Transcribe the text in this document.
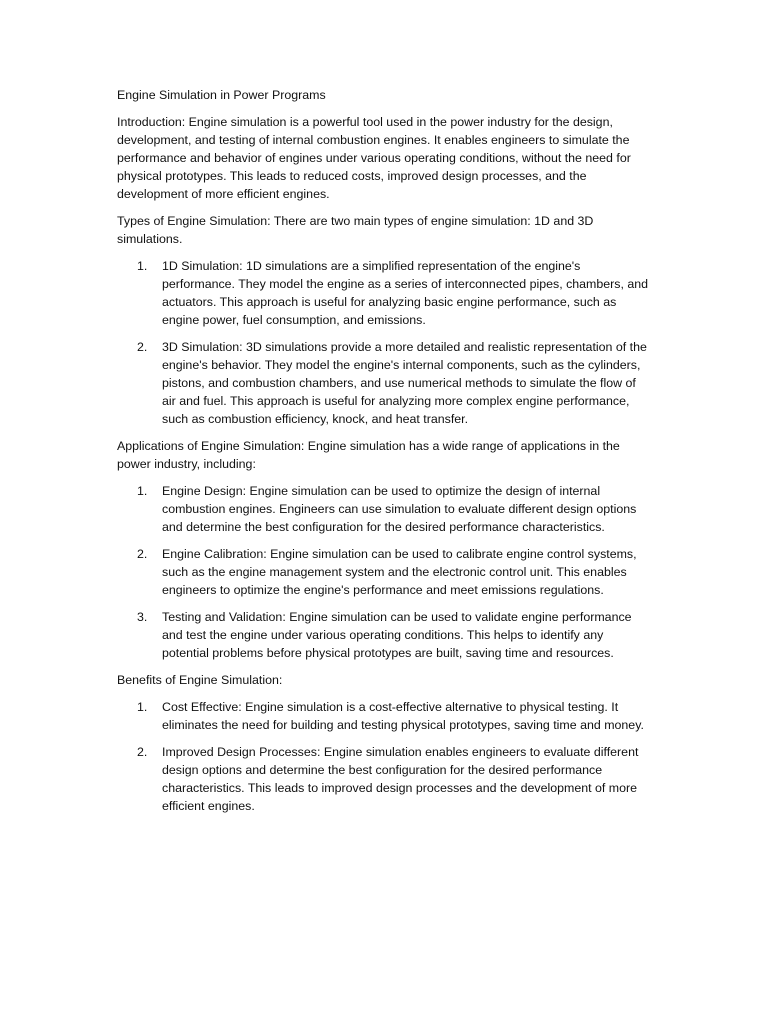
Engine Simulation in Power Programs

Introduction: Engine simulation is a powerful tool used in the power industry for the design, development, and testing of internal combustion engines. It enables engineers to simulate the performance and behavior of engines under various operating conditions, without the need for physical prototypes. This leads to reduced costs, improved design processes, and the development of more efficient engines.

Types of Engine Simulation: There are two main types of engine simulation: 1D and 3D simulations.

1. 1D Simulation: 1D simulations are a simplified representation of the engine's performance. They model the engine as a series of interconnected pipes, chambers, and actuators. This approach is useful for analyzing basic engine performance, such as engine power, fuel consumption, and emissions.
2. 3D Simulation: 3D simulations provide a more detailed and realistic representation of the engine's behavior. They model the engine's internal components, such as the cylinders, pistons, and combustion chambers, and use numerical methods to simulate the flow of air and fuel. This approach is useful for analyzing more complex engine performance, such as combustion efficiency, knock, and heat transfer.

Applications of Engine Simulation: Engine simulation has a wide range of applications in the power industry, including:

1. Engine Design: Engine simulation can be used to optimize the design of internal combustion engines. Engineers can use simulation to evaluate different design options and determine the best configuration for the desired performance characteristics.
2. Engine Calibration: Engine simulation can be used to calibrate engine control systems, such as the engine management system and the electronic control unit. This enables engineers to optimize the engine's performance and meet emissions regulations.
3. Testing and Validation: Engine simulation can be used to validate engine performance and test the engine under various operating conditions. This helps to identify any potential problems before physical prototypes are built, saving time and resources.

Benefits of Engine Simulation:

1. Cost Effective: Engine simulation is a cost-effective alternative to physical testing. It eliminates the need for building and testing physical prototypes, saving time and money.
2. Improved Design Processes: Engine simulation enables engineers to evaluate different design options and determine the best configuration for the desired performance characteristics. This leads to improved design processes and the development of more efficient engines.
